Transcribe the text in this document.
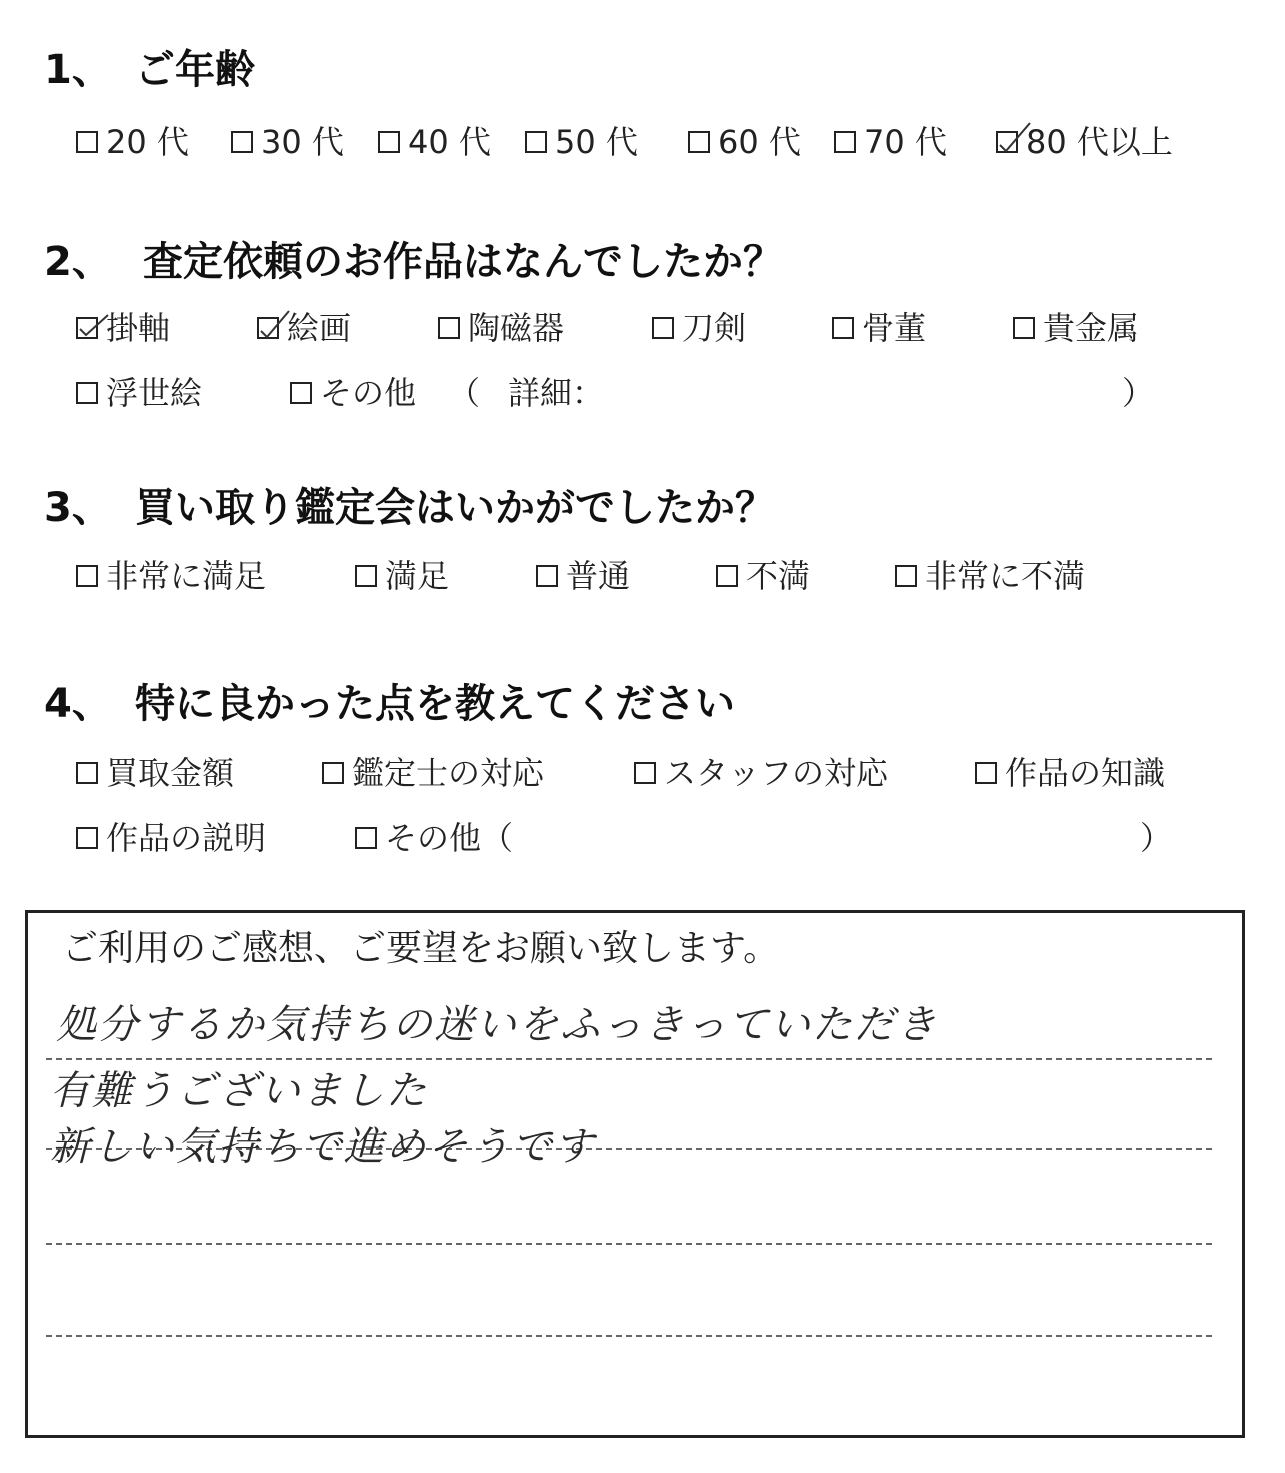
1、 ご年齢
20 代 30 代 40 代 50 代	60 代 70 代 80 代以上
2、 査定依頼のお作品はなんでしたか？
掛軸	絵画	陶磁器	刀剣	骨董	貴金属
浮世絵	その他 （ 詳細：	）
3、 買い取り鑑定会はいかがでしたか？
非常に満足	満足	普通	不満	非常に不満
4、 特に良かった点を教えてください
買取金額	鑑定士の対応	スタッフの対応	作品の知識
作品の説明	その他（	）
ご利用のご感想、ご要望をお願い致します。
処分するか気持ちの迷いをふっきっていただき
有難うございました
新しい気持ちで進めそうです
